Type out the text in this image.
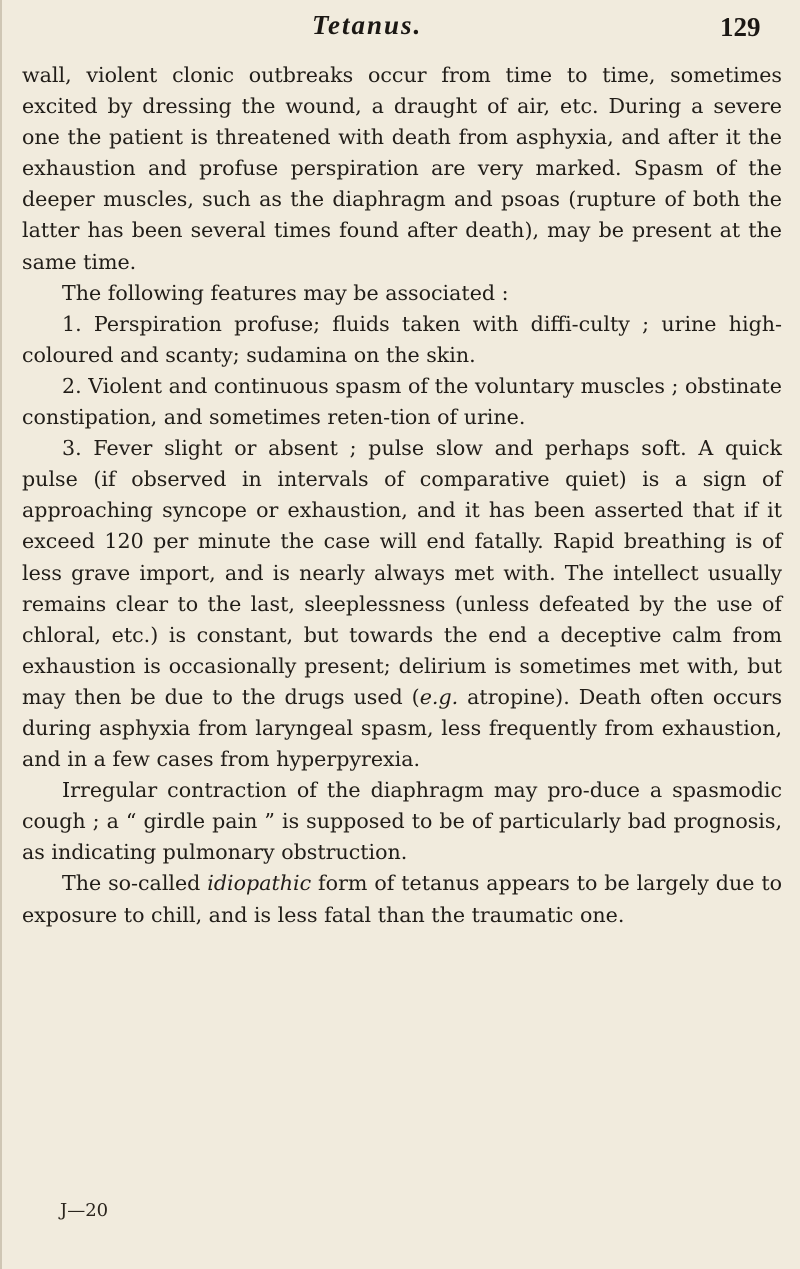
Tetanus.	129

wall, violent clonic outbreaks occur from time to time, sometimes excited by dressing the wound, a draught of air, etc. During a severe one the patient is threatened with death from asphyxia, and after it the exhaustion and profuse perspiration are very marked. Spasm of the deeper muscles, such as the diaphragm and psoas (rupture of both the latter has been several times found after death), may be present at the same time.

The following features may be associated :

1. Perspiration profuse; fluids taken with diffi-culty ; urine high-coloured and scanty; sudamina on the skin.

2. Violent and continuous spasm of the voluntary muscles ; obstinate constipation, and sometimes reten-tion of urine.

3. Fever slight or absent ; pulse slow and perhaps soft. A quick pulse (if observed in intervals of comparative quiet) is a sign of approaching syncope or exhaustion, and it has been asserted that if it exceed 120 per minute the case will end fatally. Rapid breathing is of less grave import, and is nearly always met with. The intellect usually remains clear to the last, sleeplessness (unless defeated by the use of chloral, etc.) is constant, but towards the end a deceptive calm from exhaustion is occasionally present; delirium is sometimes met with, but may then be due to the drugs used (e.g. atropine). Death often occurs during asphyxia from laryngeal spasm, less frequently from exhaustion, and in a few cases from hyperpyrexia.

Irregular contraction of the diaphragm may pro-duce a spasmodic cough ; a “ girdle pain ” is supposed to be of particularly bad prognosis, as indicating pulmonary obstruction.

The so-called idiopathic form of tetanus appears to be largely due to exposure to chill, and is less fatal than the traumatic one.

J—20
